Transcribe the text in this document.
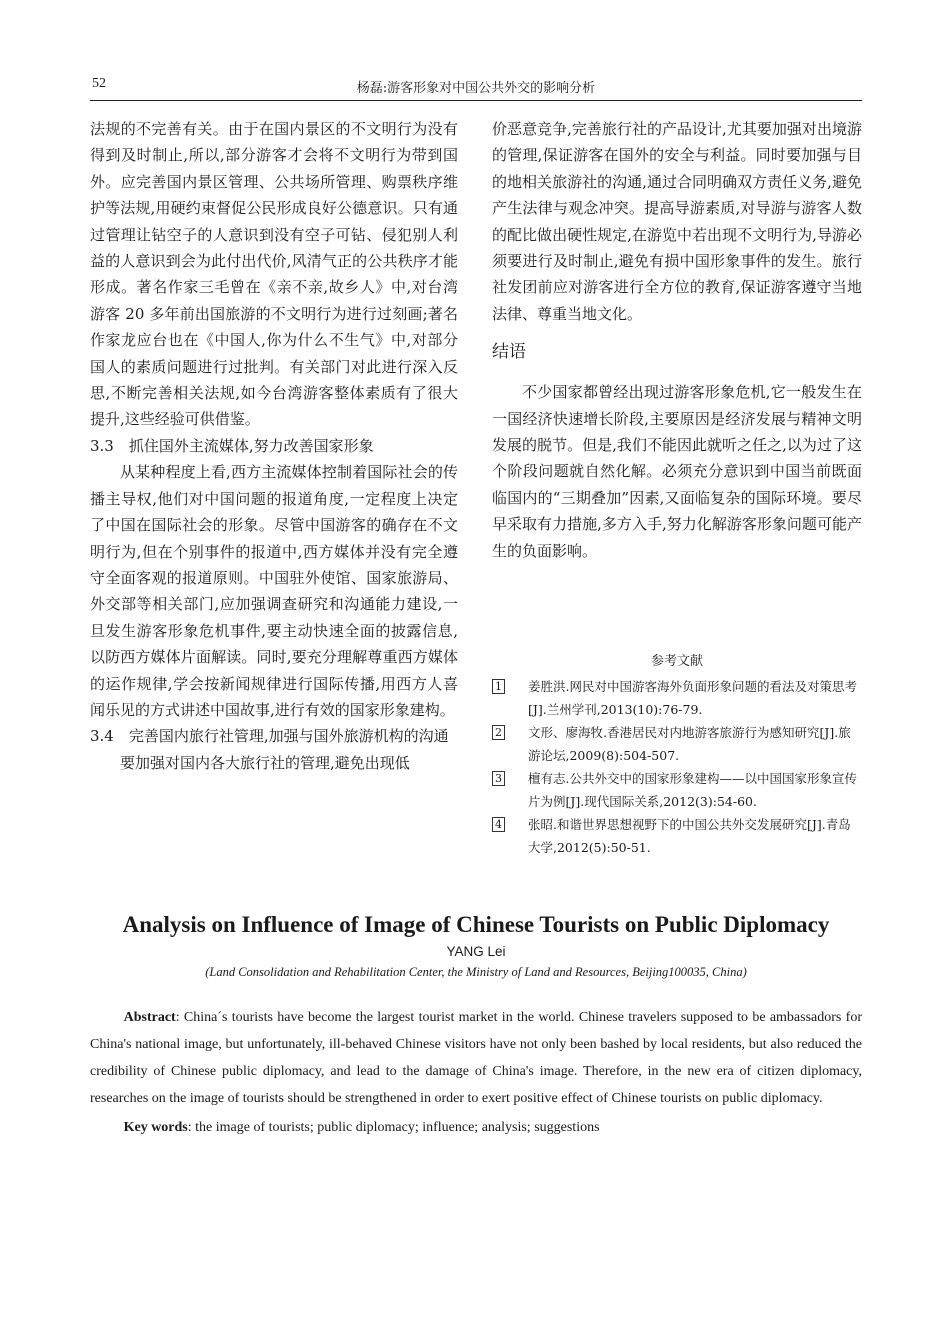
52	杨磊:游客形象对中国公共外交的影响分析

法规的不完善有关。由于在国内景区的不文明行为没有得到及时制止,所以,部分游客才会将不文明行为带到国外。应完善国内景区管理、公共场所管理、购票秩序维护等法规,用硬约束督促公民形成良好公德意识。只有通过管理让钻空子的人意识到没有空子可钻、侵犯别人利益的人意识到会为此付出代价,风清气正的公共秩序才能形成。著名作家三毛曾在《亲不亲,故乡人》中,对台湾游客 20 多年前出国旅游的不文明行为进行过刻画;著名作家龙应台也在《中国人,你为什么不生气》中,对部分国人的素质问题进行过批判。有关部门对此进行深入反思,不断完善相关法规,如今台湾游客整体素质有了很大提升,这些经验可供借鉴。

3.3　抓住国外主流媒体,努力改善国家形象

从某种程度上看,西方主流媒体控制着国际社会的传播主导权,他们对中国问题的报道角度,一定程度上决定了中国在国际社会的形象。尽管中国游客的确存在不文明行为,但在个别事件的报道中,西方媒体并没有完全遵守全面客观的报道原则。中国驻外使馆、国家旅游局、外交部等相关部门,应加强调查研究和沟通能力建设,一旦发生游客形象危机事件,要主动快速全面的披露信息,以防西方媒体片面解读。同时,要充分理解尊重西方媒体的运作规律,学会按新闻规律进行国际传播,用西方人喜闻乐见的方式讲述中国故事,进行有效的国家形象建构。

3.4　完善国内旅行社管理,加强与国外旅游机构的沟通

要加强对国内各大旅行社的管理,避免出现低

价恶意竞争,完善旅行社的产品设计,尤其要加强对出境游的管理,保证游客在国外的安全与利益。同时要加强与目的地相关旅游社的沟通,通过合同明确双方责任义务,避免产生法律与观念冲突。提高导游素质,对导游与游客人数的配比做出硬性规定,在游览中若出现不文明行为,导游必须要进行及时制止,避免有损中国形象事件的发生。旅行社发团前应对游客进行全方位的教育,保证游客遵守当地法律、尊重当地文化。

结语

不少国家都曾经出现过游客形象危机,它一般发生在一国经济快速增长阶段,主要原因是经济发展与精神文明发展的脱节。但是,我们不能因此就听之任之,以为过了这个阶段问题就自然化解。必须充分意识到中国当前既面临国内的“三期叠加”因素,又面临复杂的国际环境。要尽早采取有力措施,多方入手,努力化解游客形象问题可能产生的负面影响。

参考文献
1	姜胜洪.网民对中国游客海外负面形象问题的看法及对策思考[J].兰州学刊,2013(10):76-79.
2	文形、廖海牧.香港居民对内地游客旅游行为感知研究[J].旅游论坛,2009(8):504-507.
3	檀有志.公共外交中的国家形象建构——以中国国家形象宣传片为例[J].现代国际关系,2012(3):54-60.
4	张昭.和谐世界思想视野下的中国公共外交发展研究[J].青岛大学,2012(5):50-51.
Analysis on Influence of Image of Chinese Tourists on Public Diplomacy
YANG Lei
(Land Consolidation and Rehabilitation Center, the Ministry of Land and Resources, Beijing100035, China)
Abstract: China´s tourists have become the largest tourist market in the world. Chinese travelers supposed to be ambassadors for China's national image, but unfortunately, ill-behaved Chinese visitors have not only been bashed by local residents, but also reduced the credibility of Chinese public diplomacy, and lead to the damage of China's image. Therefore, in the new era of citizen diplomacy, researches on the image of tourists should be strengthened in order to exert positive effect of Chinese tourists on public diplomacy.
Key words: the image of tourists; public diplomacy; influence; analysis; suggestions
